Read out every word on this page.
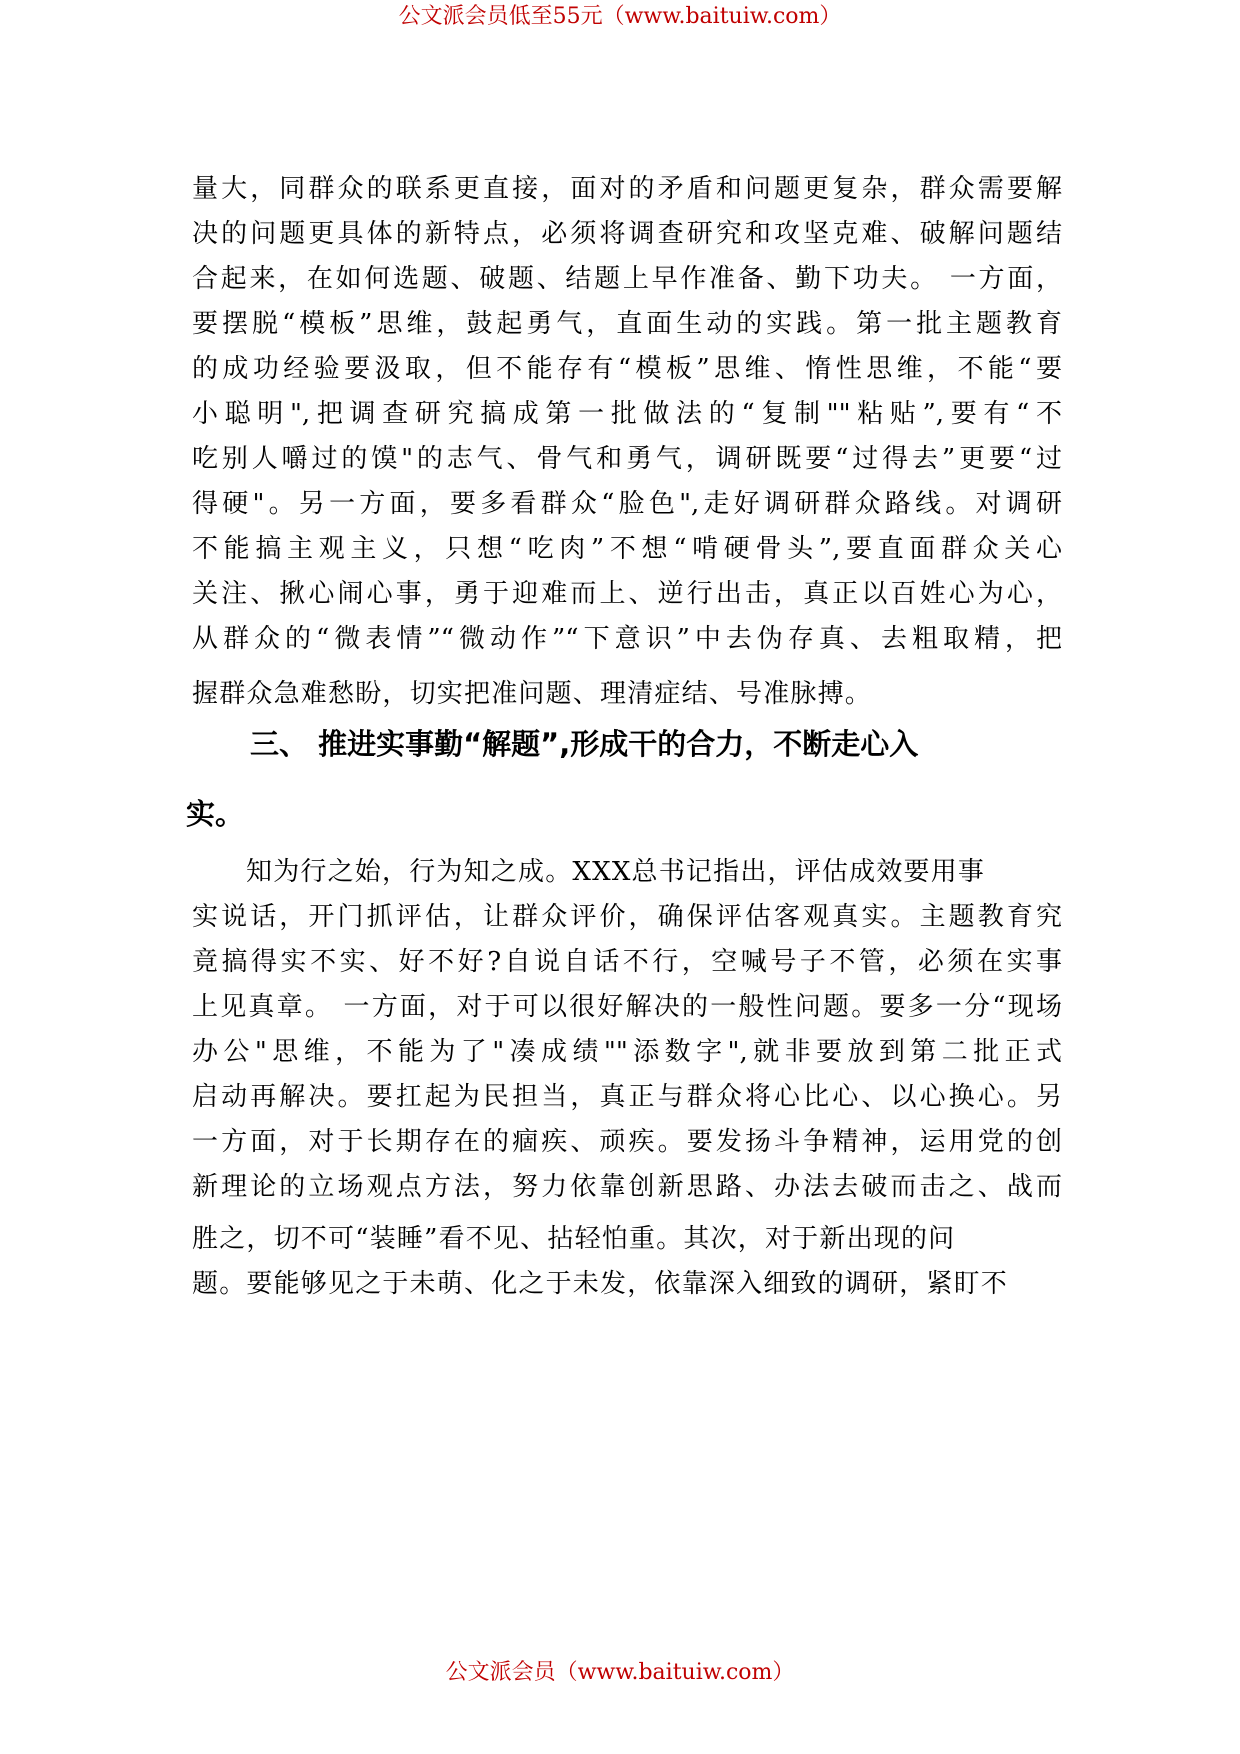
公文派会员低至55元（www.baituiw.com）
量大，同群众的联系更直接，面对的矛盾和问题更复杂，群众需要解
决的问题更具体的新特点，必须将调查研究和攻坚克难、破解问题结
合起来，在如何选题、破题、结题上早作准备、勤下功夫。 一方面，
要摆脱“模板”思维，鼓起勇气，直面生动的实践。第一批主题教育
的成功经验要汲取，但不能存有“模板”思维、惰性思维，不能“要
小聪明",把调查研究搞成第一批做法的“复制""粘贴”,要有“不
吃别人嚼过的馍"的志气、骨气和勇气，调研既要“过得去”更要“过
得硬"。另一方面，要多看群众“脸色",走好调研群众路线。对调研
不能搞主观主义，只想“吃肉”不想“啃硬骨头”,要直面群众关心
关注、揪心闹心事，勇于迎难而上、逆行出击，真正以百姓心为心，
从群众的“微表情”“微动作”“下意识”中去伪存真、去粗取精，把
握群众急难愁盼，切实把准问题、理清症结、号准脉搏。
三、 推进实事勤“解题”,形成干的合力，不断走心入
实。
知为行之始，行为知之成。XXX总书记指出，评估成效要用事
实说话，开门抓评估，让群众评价，确保评估客观真实。主题教育究
竟搞得实不实、好不好?自说自话不行，空喊号子不管，必须在实事
上见真章。 一方面，对于可以很好解决的一般性问题。要多一分“现场
办公"思维，不能为了"凑成绩""添数字",就非要放到第二批正式
启动再解决。要扛起为民担当，真正与群众将心比心、以心换心。另
一方面，对于长期存在的痼疾、顽疾。要发扬斗争精神，运用党的创
新理论的立场观点方法，努力依靠创新思路、办法去破而击之、战而
胜之，切不可“装睡”看不见、拈轻怕重。其次，对于新出现的问
题。要能够见之于未萌、化之于未发，依靠深入细致的调研，紧盯不
公文派会员（www.baituiw.com）
